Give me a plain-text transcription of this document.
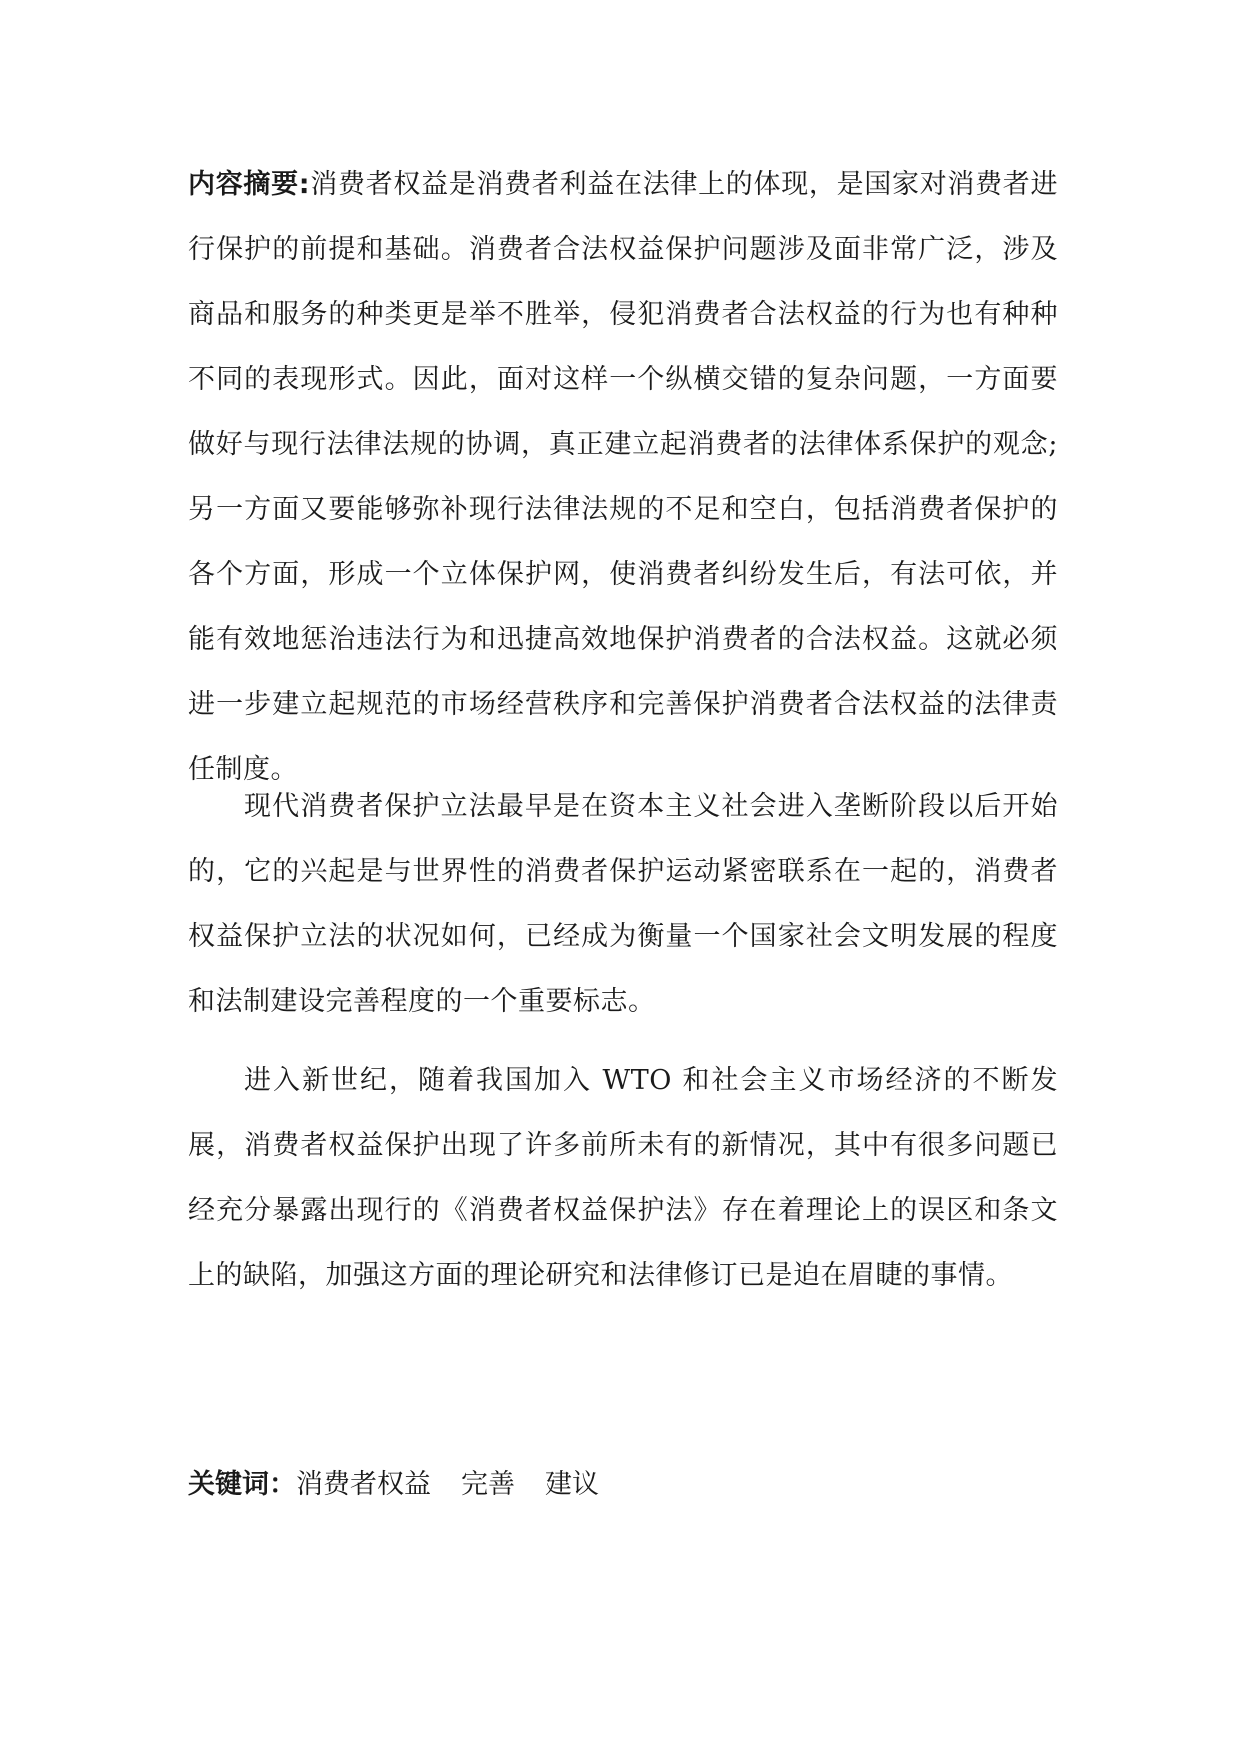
内容摘要:消费者权益是消费者利益在法律上的体现，是国家对消费者进行保护的前提和基础。消费者合法权益保护问题涉及面非常广泛，涉及商品和服务的种类更是举不胜举，侵犯消费者合法权益的行为也有种种不同的表现形式。因此，面对这样一个纵横交错的复杂问题，一方面要做好与现行法律法规的协调，真正建立起消费者的法律体系保护的观念;另一方面又要能够弥补现行法律法规的不足和空白，包括消费者保护的各个方面，形成一个立体保护网，使消费者纠纷发生后，有法可依，并能有效地惩治违法行为和迅捷高效地保护消费者的合法权益。这就必须进一步建立起规范的市场经营秩序和完善保护消费者合法权益的法律责任制度。

现代消费者保护立法最早是在资本主义社会进入垄断阶段以后开始的，它的兴起是与世界性的消费者保护运动紧密联系在一起的，消费者权益保护立法的状况如何，已经成为衡量一个国家社会文明发展的程度和法制建设完善程度的一个重要标志。

进入新世纪，随着我国加入 WTO 和社会主义市场经济的不断发展，消费者权益保护出现了许多前所未有的新情况，其中有很多问题已经充分暴露出现行的《消费者权益保护法》存在着理论上的误区和条文上的缺陷，加强这方面的理论研究和法律修订已是迫在眉睫的事情。

关键词：消费者权益 完善 建议
